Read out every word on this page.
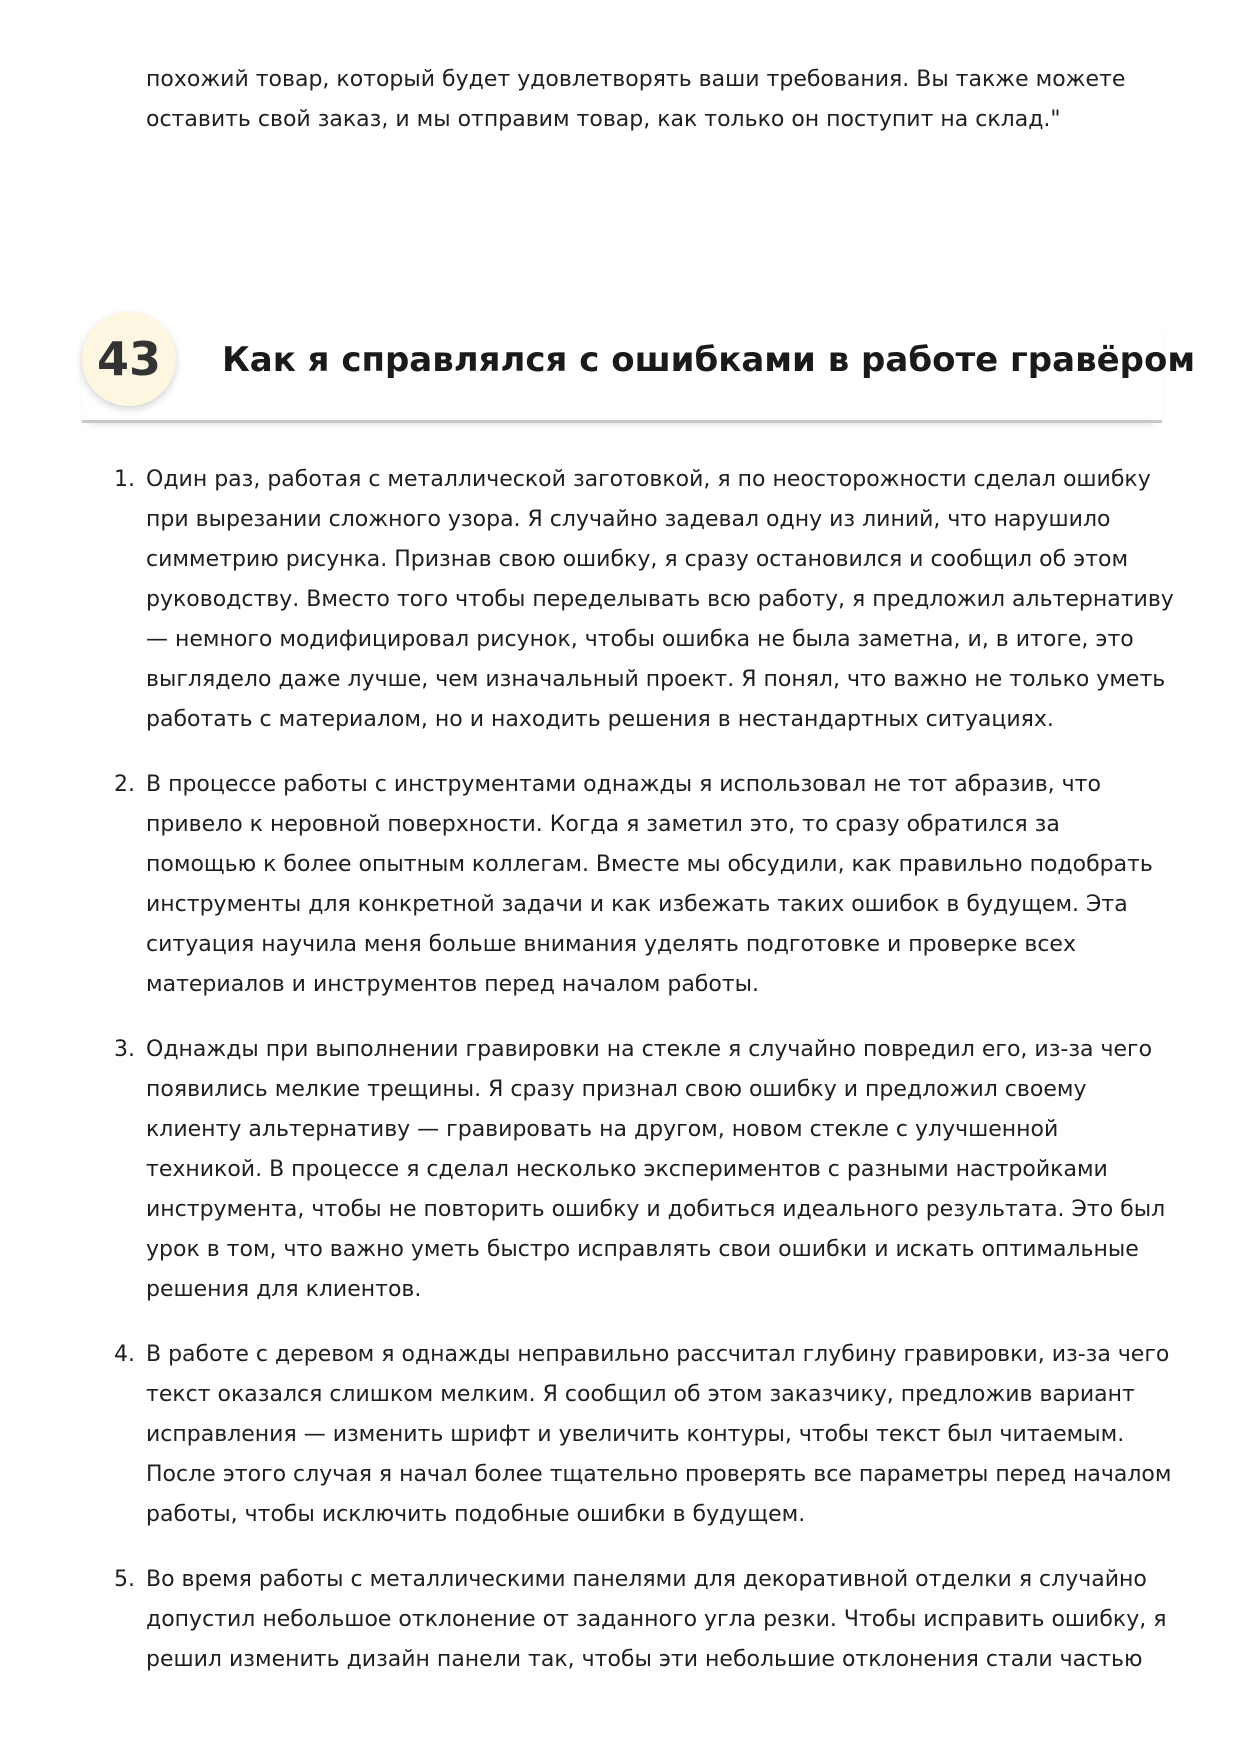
похожий товар, который будет удовлетворять ваши требования. Вы также можете оставить свой заказ, и мы отправим товар, как только он поступит на склад."

43	Как я справлялся с ошибками в работе гравёром
1. Один раз, работая с металлической заготовкой, я по неосторожности сделал ошибку при вырезании сложного узора. Я случайно задевал одну из линий, что нарушило симметрию рисунка. Признав свою ошибку, я сразу остановился и сообщил об этом руководству. Вместо того чтобы переделывать всю работу, я предложил альтернативу — немного модифицировал рисунок, чтобы ошибка не была заметна, и, в итоге, это выглядело даже лучше, чем изначальный проект. Я понял, что важно не только уметь работать с материалом, но и находить решения в нестандартных ситуациях.
2. В процессе работы с инструментами однажды я использовал не тот абразив, что привело к неровной поверхности. Когда я заметил это, то сразу обратился за помощью к более опытным коллегам. Вместе мы обсудили, как правильно подобрать инструменты для конкретной задачи и как избежать таких ошибок в будущем. Эта ситуация научила меня больше внимания уделять подготовке и проверке всех материалов и инструментов перед началом работы.
3. Однажды при выполнении гравировки на стекле я случайно повредил его, из-за чего появились мелкие трещины. Я сразу признал свою ошибку и предложил своему клиенту альтернативу — гравировать на другом, новом стекле с улучшенной техникой. В процессе я сделал несколько экспериментов с разными настройками инструмента, чтобы не повторить ошибку и добиться идеального результата. Это был урок в том, что важно уметь быстро исправлять свои ошибки и искать оптимальные решения для клиентов.
4. В работе с деревом я однажды неправильно рассчитал глубину гравировки, из-за чего текст оказался слишком мелким. Я сообщил об этом заказчику, предложив вариант исправления — изменить шрифт и увеличить контуры, чтобы текст был читаемым. После этого случая я начал более тщательно проверять все параметры перед началом работы, чтобы исключить подобные ошибки в будущем.
5. Во время работы с металлическими панелями для декоративной отделки я случайно допустил небольшое отклонение от заданного угла резки. Чтобы исправить ошибку, я решил изменить дизайн панели так, чтобы эти небольшие отклонения стали частью
